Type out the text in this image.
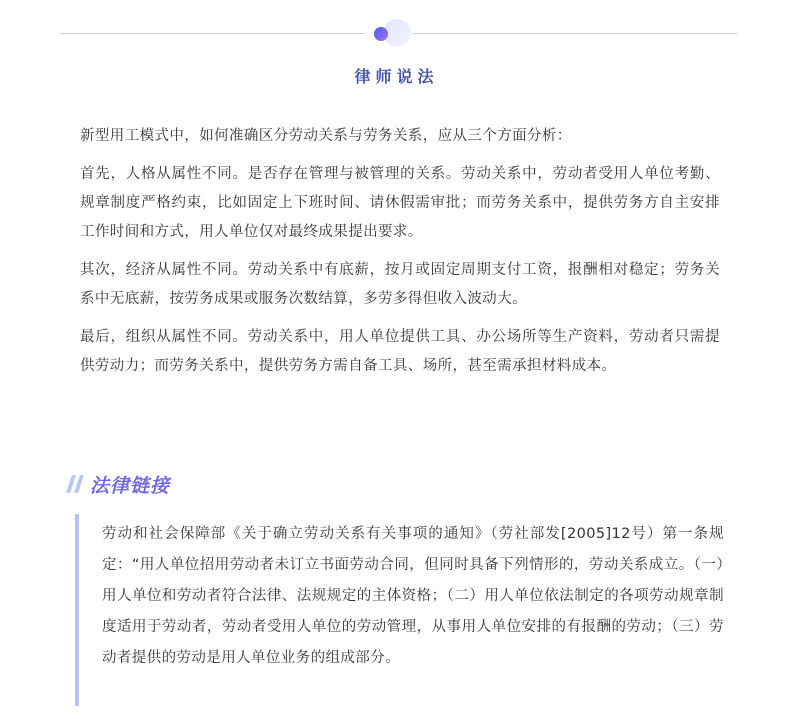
律师说法

新型用工模式中，如何准确区分劳动关系与劳务关系，应从三个方面分析：

首先，人格从属性不同。是否存在管理与被管理的关系。劳动关系中，劳动者受用人单位考勤、规章制度严格约束，比如固定上下班时间、请休假需审批；而劳务关系中，提供劳务方自主安排工作时间和方式，用人单位仅对最终成果提出要求。

其次，经济从属性不同。劳动关系中有底薪，按月或固定周期支付工资，报酬相对稳定；劳务关系中无底薪，按劳务成果或服务次数结算，多劳多得但收入波动大。

最后，组织从属性不同。劳动关系中，用人单位提供工具、办公场所等生产资料，劳动者只需提供劳动力；而劳务关系中，提供劳务方需自备工具、场所，甚至需承担材料成本。

法律链接

劳动和社会保障部《关于确立劳动关系有关事项的通知》（劳社部发[2005]12号）第一条规定：“用人单位招用劳动者未订立书面劳动合同，但同时具备下列情形的，劳动关系成立。（一）用人单位和劳动者符合法律、法规规定的主体资格；（二）用人单位依法制定的各项劳动规章制度适用于劳动者，劳动者受用人单位的劳动管理，从事用人单位安排的有报酬的劳动；（三）劳动者提供的劳动是用人单位业务的组成部分。
